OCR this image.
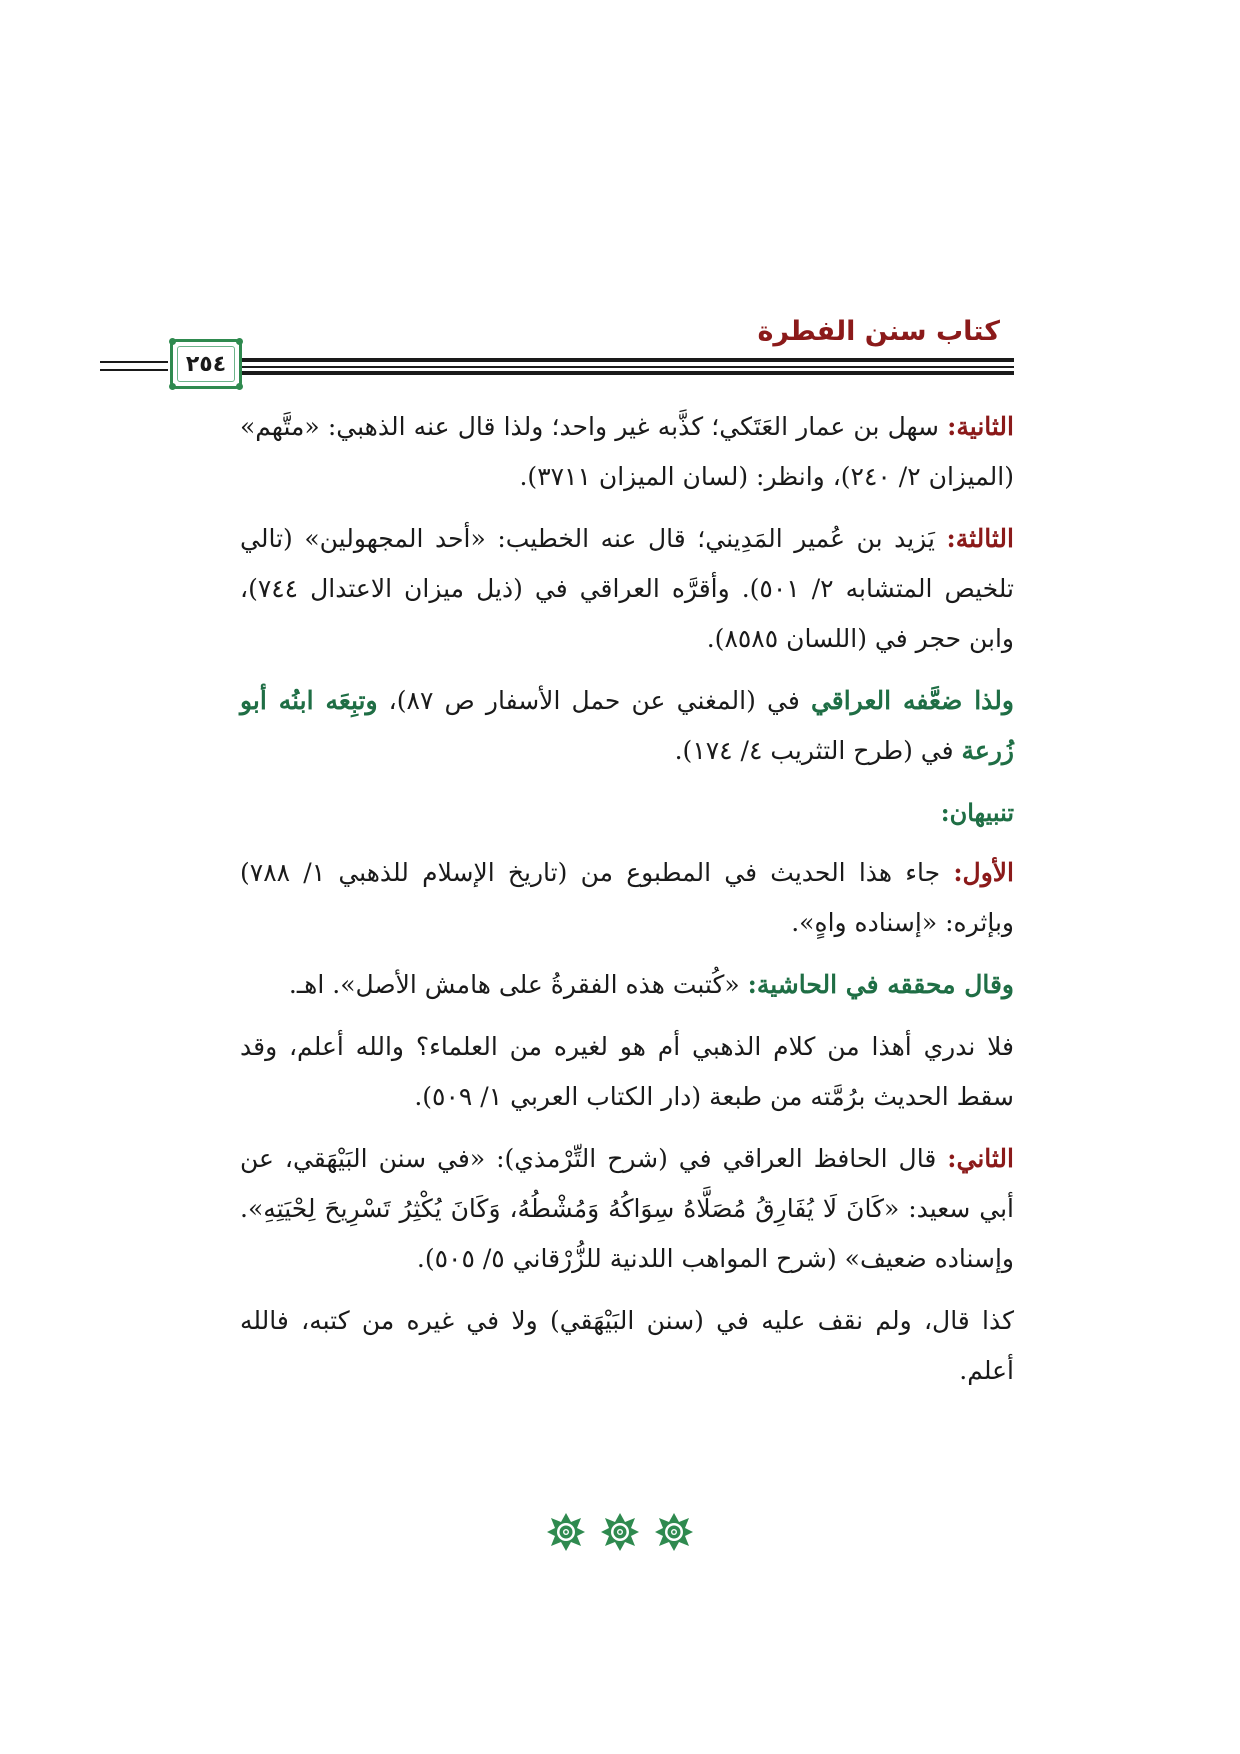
كتاب سنن الفطرة
٢٥٤

الثانية: سهل بن عمار العَتَكي؛ كذَّبه غير واحد؛ ولذا قال عنه الذهبي: «متَّهم» (الميزان ٢/ ٢٤٠)، وانظر: (لسان الميزان ٣٧١١).

الثالثة: يَزيد بن عُمير المَدِيني؛ قال عنه الخطيب: «أحد المجهولين» (تالي تلخيص المتشابه ٢/ ٥٠١). وأقرَّه العراقي في (ذيل ميزان الاعتدال ٧٤٤)، وابن حجر في (اللسان ٨٥٨٥).

ولذا ضعَّفه العراقي في (المغني عن حمل الأسفار ص ٨٧)، وتبِعَه ابنُه أبو زُرعة في (طرح التثريب ٤/ ١٧٤).

تنبيهان:

الأول: جاء هذا الحديث في المطبوع من (تاريخ الإسلام للذهبي ١/ ٧٨٨) وبإثره: «إسناده واهٍ».

وقال محققه في الحاشية: «كُتبت هذه الفقرةُ على هامش الأصل». اهـ.

فلا ندري أهذا من كلام الذهبي أم هو لغيره من العلماء؟ والله أعلم، وقد سقط الحديث برُمَّته من طبعة (دار الكتاب العربي ١/ ٥٠٩).

الثاني: قال الحافظ العراقي في (شرح التِّرْمذي): «في سنن البَيْهَقي، عن أبي سعيد: «كَانَ لَا يُفَارِقُ مُصَلَّاهُ سِوَاكُهُ وَمُشْطُهُ، وَكَانَ يُكْثِرُ تَسْرِيحَ لِحْيَتِهِ». وإسناده ضعيف» (شرح المواهب اللدنية للزُّرْقاني ٥/ ٥٠٥).

كذا قال، ولم نقف عليه في (سنن البَيْهَقي) ولا في غيره من كتبه، فالله أعلم.
